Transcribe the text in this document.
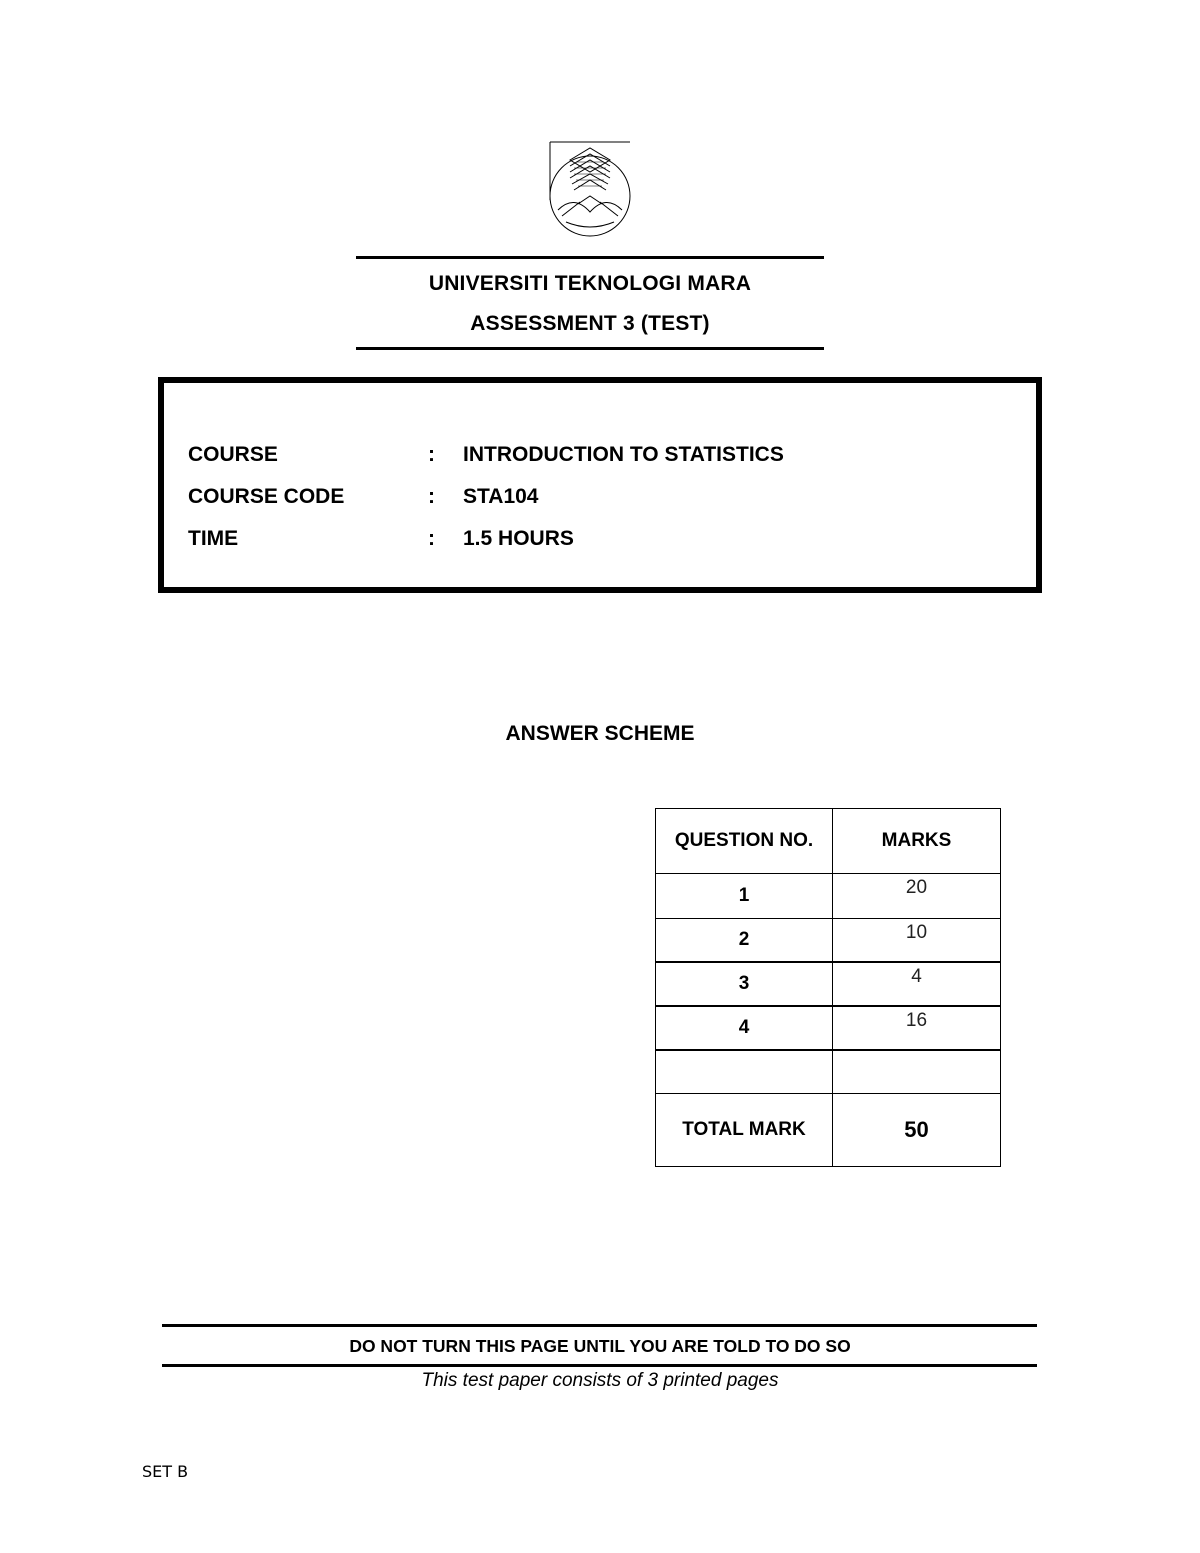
UNIVERSITI TEKNOLOGI MARA
ASSESSMENT 3 (TEST)
COURSE	: INTRODUCTION TO STATISTICS
COURSE CODE	: STA104
TIME	: 1.5 HOURS
ANSWER SCHEME
QUESTION NO.	MARKS
1	20
2	10
3	4
4	16

TOTAL MARK	50
DO NOT TURN THIS PAGE UNTIL YOU ARE TOLD TO DO SO
This test paper consists of 3 printed pages
SET B
